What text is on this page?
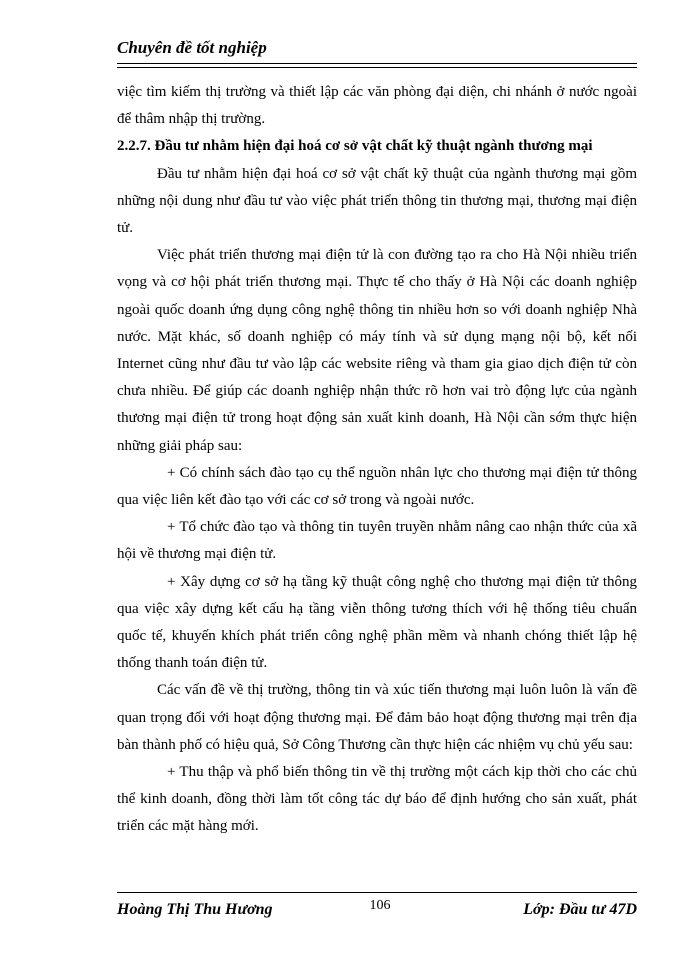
Chuyên đề tốt nghiệp

việc tìm kiếm thị trường và thiết lập các văn phòng đại diện, chi nhánh ở nước ngoài để thâm nhập thị trường.

2.2.7. Đầu tư nhằm hiện đại hoá cơ sở vật chất kỹ thuật ngành thương mại

Đầu tư nhằm hiện đại hoá cơ sở vật chất kỹ thuật của ngành thương mại gồm những nội dung như đầu tư vào việc phát triển thông tin thương mại, thương mại điện tử.

Việc phát triển thương mại điện tử là con đường tạo ra cho Hà Nội nhiều triển vọng và cơ hội phát triển thương mại. Thực tế cho thấy ở Hà Nội các doanh nghiệp ngoài quốc doanh ứng dụng công nghệ thông tin nhiều hơn so với doanh nghiệp Nhà nước. Mặt khác, số doanh nghiệp có máy tính và sử dụng mạng nội bộ, kết nối Internet cũng như đầu tư vào lập các website riêng và tham gia giao dịch điện tử còn chưa nhiều. Để giúp các doanh nghiệp nhận thức rõ hơn vai trò động lực của ngành thương mại điện tử trong hoạt động sản xuất kinh doanh, Hà Nội cần sớm thực hiện những giải pháp sau:

+ Có chính sách đào tạo cụ thể nguồn nhân lực cho thương mại điện tử thông qua việc liên kết đào tạo với các cơ sở trong và ngoài nước.

+ Tổ chức đào tạo và thông tin tuyên truyền nhằm nâng cao nhận thức của xã hội về thương mại điện tử.

+ Xây dựng cơ sở hạ tầng kỹ thuật công nghệ cho thương mại điện tử thông qua việc xây dựng kết cấu hạ tầng viễn thông tương thích với hệ thống tiêu chuẩn quốc tế, khuyến khích phát triển công nghệ phần mềm và nhanh chóng thiết lập hệ thống thanh toán điện tử.

Các vấn đề về thị trường, thông tin và xúc tiến thương mại luôn luôn là vấn đề quan trọng đối với hoạt động thương mại. Để đảm bảo hoạt động thương mại trên địa bàn thành phố có hiệu quả, Sở Công Thương cần thực hiện các nhiệm vụ chủ yếu sau:

+ Thu thập và phổ biến thông tin về thị trường một cách kịp thời cho các chủ thể kinh doanh, đồng thời làm tốt công tác dự báo để định hướng cho sản xuất, phát triển các mặt hàng mới.

Hoàng Thị Thu Hương	106	Lớp: Đầu tư 47D
